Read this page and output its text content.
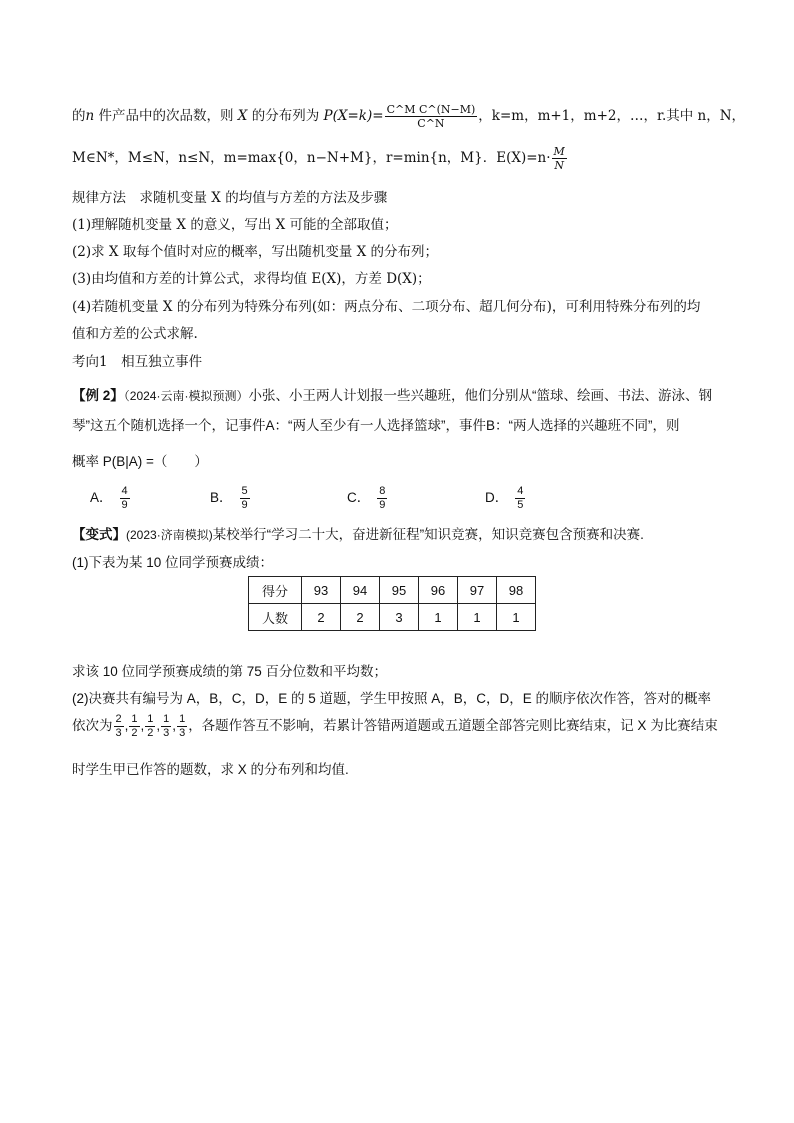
的n 件产品中的次品数，则 X 的分布列为 $P(X=k)= \frac{\text{C\textasciicircum{}M C\textasciicircum{}(N−M)}}{C\^{}N}$ ，k=m，m+1，m+2，…，r.其中 n，N，
M∈N*，M≤N，n≤N，m=max{0，n−N+M}，r=min{n，M}．$E(X)=n\cdot \frac{M}{N}$
规律方法　求随机变量 X 的均值与方差的方法及步骤
(1)理解随机变量 X 的意义，写出 X 可能的全部取值；
(2)求 X 取每个值时对应的概率，写出随机变量 X 的分布列；
(3)由均值和方差的计算公式，求得均值 E(X)，方差 D(X)；
(4)若随机变量 X 的分布列为特殊分布列(如：两点分布、二项分布、超几何分布)，可利用特殊分布列的均
值和方差的公式求解.
考向1　相互独立事件
【例 2】（2024·云南·模拟预测）小张、小王两人计划报一些兴趣班，他们分别从“篮球、绘画、书法、游泳、钢
琴”这五个随机选择一个，记事件A：“两人至少有一人选择篮球”，事件B：“两人选择的兴趣班不同”，则
概率 P(B|A) =（　　）
A． $\frac{4}{9}$	B． $\frac{5}{9}$	C． $\frac{8}{9}$	D． $\frac{4}{5}$
【变式】(2023·济南模拟)某校举行“学习二十大，奋进新征程”知识竞赛，知识竞赛包含预赛和决赛.
(1)下表为某 10 位同学预赛成绩：
得分	93	94	95	96	97	98
人数	2	2	3	1	1	1
求该 10 位同学预赛成绩的第 75 百分位数和平均数；
(2)决赛共有编号为 A，B，C，D，E 的 5 道题，学生甲按照 A，B，C，D，E 的顺序依次作答，答对的概率
依次为 $\frac{2}{3}$ , $\frac{1}{2}$ , $\frac{1}{2}$ , $\frac{1}{3}$ , $\frac{1}{3}$ ，各题作答互不影响，若累计答错两道题或五道题全部答完则比赛结束，记 X 为比赛结束
时学生甲已作答的题数，求 X 的分布列和均值.
